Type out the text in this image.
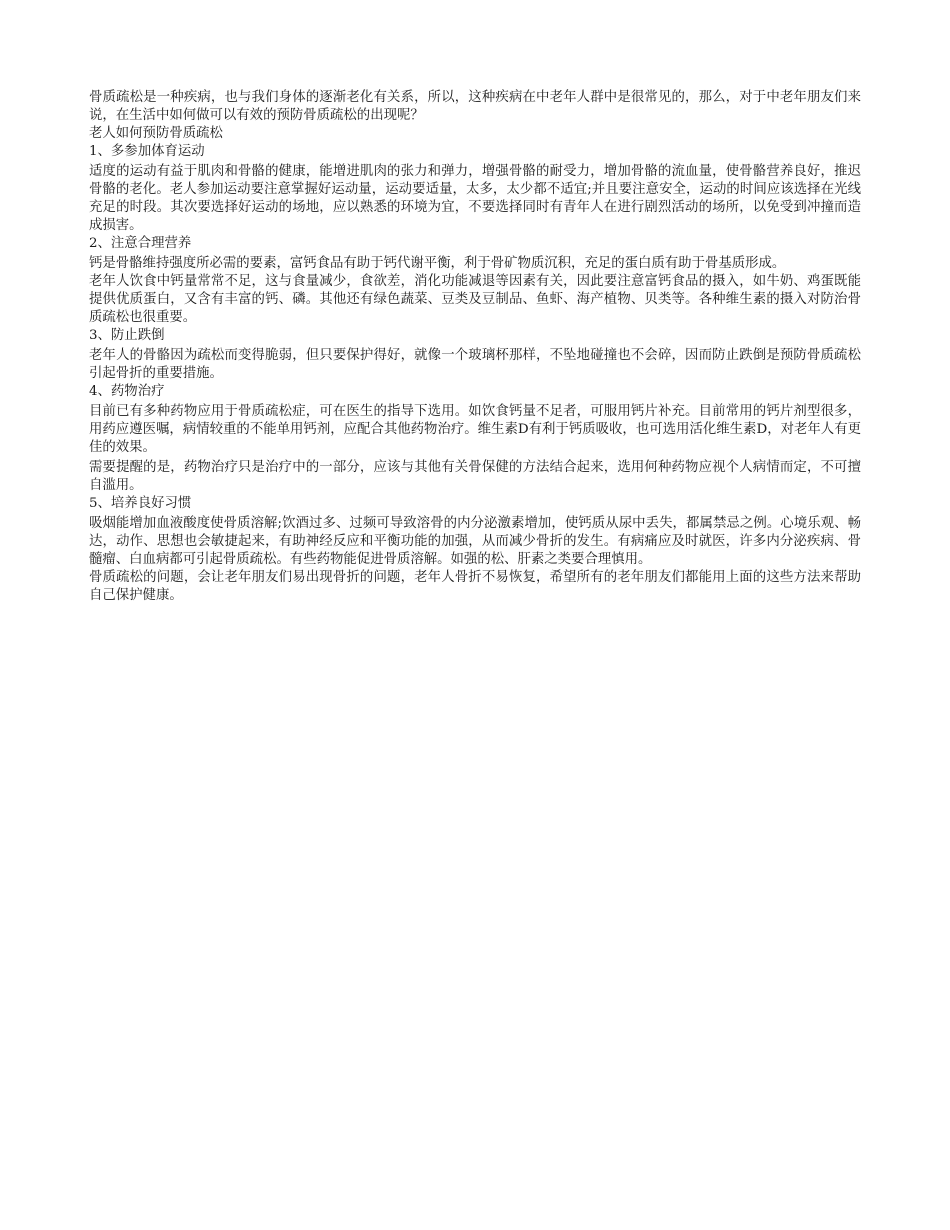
骨质疏松是一种疾病，也与我们身体的逐渐老化有关系，所以，这种疾病在中老年人群中是很常见的，那么，对于中老年朋友们来说，在生活中如何做可以有效的预防骨质疏松的出现呢？

老人如何预防骨质疏松

1、多参加体育运动

适度的运动有益于肌肉和骨骼的健康，能增进肌肉的张力和弹力，增强骨骼的耐受力，增加骨骼的流血量，使骨骼营养良好，推迟骨骼的老化。老人参加运动要注意掌握好运动量，运动要适量，太多，太少都不适宜;并且要注意安全，运动的时间应该选择在光线充足的时段。其次要选择好运动的场地，应以熟悉的环境为宜，不要选择同时有青年人在进行剧烈活动的场所，以免受到冲撞而造成损害。

2、注意合理营养

钙是骨骼维持强度所必需的要素，富钙食品有助于钙代谢平衡，利于骨矿物质沉积，充足的蛋白质有助于骨基质形成。

老年人饮食中钙量常常不足，这与食量减少，食欲差，消化功能减退等因素有关，因此要注意富钙食品的摄入，如牛奶、鸡蛋既能提供优质蛋白，又含有丰富的钙、磷。其他还有绿色蔬菜、豆类及豆制品、鱼虾、海产植物、贝类等。各种维生素的摄入对防治骨质疏松也很重要。

3、防止跌倒

老年人的骨骼因为疏松而变得脆弱，但只要保护得好，就像一个玻璃杯那样，不坠地碰撞也不会碎，因而防止跌倒是预防骨质疏松引起骨折的重要措施。

4、药物治疗

目前已有多种药物应用于骨质疏松症，可在医生的指导下选用。如饮食钙量不足者，可服用钙片补充。目前常用的钙片剂型很多，用药应遵医嘱，病情较重的不能单用钙剂，应配合其他药物治疗。维生素D有利于钙质吸收，也可选用活化维生素D，对老年人有更佳的效果。

需要提醒的是，药物治疗只是治疗中的一部分，应该与其他有关骨保健的方法结合起来，选用何种药物应视个人病情而定，不可擅自滥用。

5、培养良好习惯

吸烟能增加血液酸度使骨质溶解;饮酒过多、过频可导致溶骨的内分泌激素增加，使钙质从尿中丢失，都属禁忌之例。心境乐观、畅达，动作、思想也会敏捷起来，有助神经反应和平衡功能的加强，从而减少骨折的发生。有病痛应及时就医，许多内分泌疾病、骨髓瘤、白血病都可引起骨质疏松。有些药物能促进骨质溶解。如强的松、肝素之类要合理慎用。

骨质疏松的问题，会让老年朋友们易出现骨折的问题，老年人骨折不易恢复，希望所有的老年朋友们都能用上面的这些方法来帮助自己保护健康。
